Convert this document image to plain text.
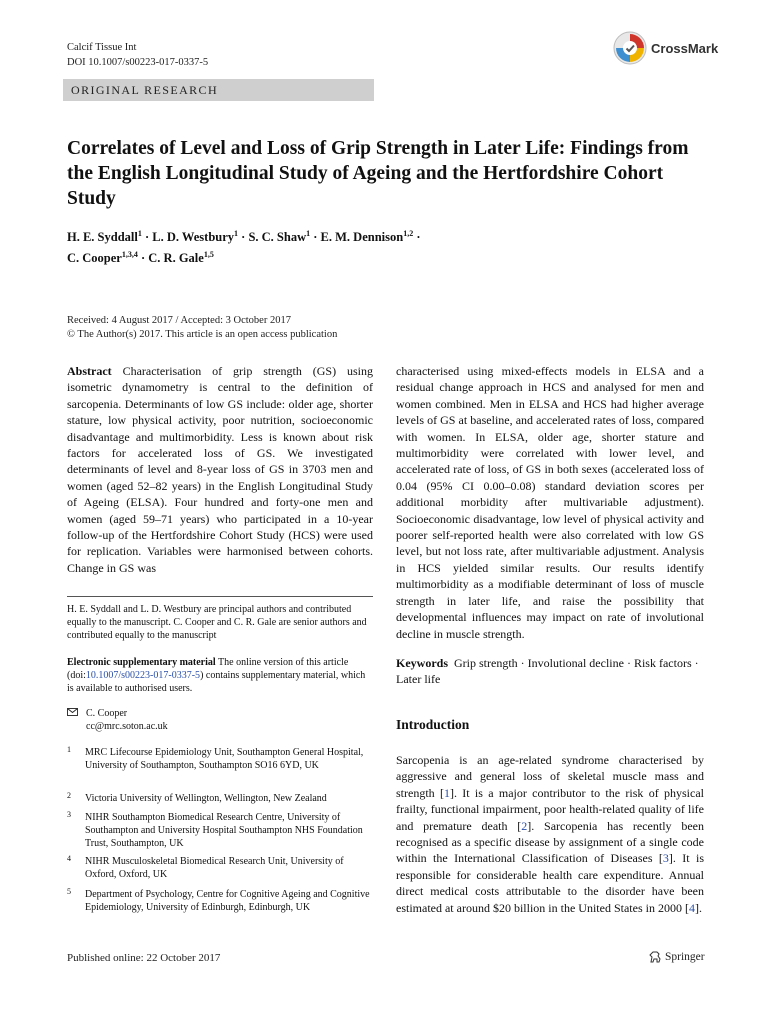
Calcif Tissue Int
DOI 10.1007/s00223-017-0337-5
CrossMark
ORIGINAL RESEARCH
Correlates of Level and Loss of Grip Strength in Later Life: Findings from the English Longitudinal Study of Ageing and the Hertfordshire Cohort Study
H. E. Syddall$^1$ · L. D. Westbury$^1$ · S. C. Shaw$^1$ · E. M. Dennison$^{1,2}$ ·
C. Cooper$^{1,3,4}$ · C. R. Gale$^{1,5}$
Received: 4 August 2017 / Accepted: 3 October 2017
© The Author(s) 2017. This article is an open access publication
Abstract Characterisation of grip strength (GS) using isometric dynamometry is central to the definition of sarcopenia. Determinants of low GS include: older age, shorter stature, low physical activity, poor nutrition, socioeconomic disadvantage and multimorbidity. Less is known about risk factors for accelerated loss of GS. We investigated determinants of level and 8-year loss of GS in 3703 men and women (aged 52–82 years) in the English Longitudinal Study of Ageing (ELSA). Four hundred and forty-one men and women (aged 59–71 years) who participated in a 10-year follow-up of the Hertfordshire Cohort Study (HCS) were used for replication. Variables were harmonised between cohorts. Change in GS was
characterised using mixed-effects models in ELSA and a residual change approach in HCS and analysed for men and women combined. Men in ELSA and HCS had higher average levels of GS at baseline, and accelerated rates of loss, compared with women. In ELSA, older age, shorter stature and multimorbidity were correlated with lower level, and accelerated rate of loss, of GS in both sexes (accelerated loss of 0.04 (95% CI 0.00–0.08) standard deviation scores per additional morbidity after multivariable adjustment). Socioeconomic disadvantage, low level of physical activity and poorer self-reported health were also correlated with low GS level, but not loss rate, after multivariable adjustment. Analysis in HCS yielded similar results. Our results identify multimorbidity as a modifiable determinant of loss of muscle strength in later life, and raise the possibility that developmental influences may impact on rate of involutional decline in muscle strength.
Keywords Grip strength · Involutional decline · Risk factors · Later life
H. E. Syddall and L. D. Westbury are principal authors and contributed equally to the manuscript. C. Cooper and C. R. Gale are senior authors and contributed equally to the manuscript
Electronic supplementary material The online version of this article (doi:10.1007/s00223-017-0337-5) contains supplementary material, which is available to authorised users.
C. Cooper
cc@mrc.soton.ac.uk
1 MRC Lifecourse Epidemiology Unit, Southampton General Hospital, University of Southampton, Southampton SO16 6YD, UK
2 Victoria University of Wellington, Wellington, New Zealand
3 NIHR Southampton Biomedical Research Centre, University of Southampton and University Hospital Southampton NHS Foundation Trust, Southampton, UK
4 NIHR Musculoskeletal Biomedical Research Unit, University of Oxford, Oxford, UK
5 Department of Psychology, Centre for Cognitive Ageing and Cognitive Epidemiology, University of Edinburgh, Edinburgh, UK
Introduction
Sarcopenia is an age-related syndrome characterised by aggressive and general loss of skeletal muscle mass and strength [1]. It is a major contributor to the risk of physical frailty, functional impairment, poor health-related quality of life and premature death [2]. Sarcopenia has recently been recognised as a specific disease by assignment of a single code within the International Classification of Diseases [3]. It is responsible for considerable health care expenditure. Annual direct medical costs attributable to the disorder have been estimated at around $20 billion in the United States in 2000 [4].
Published online: 22 October 2017	Springer
